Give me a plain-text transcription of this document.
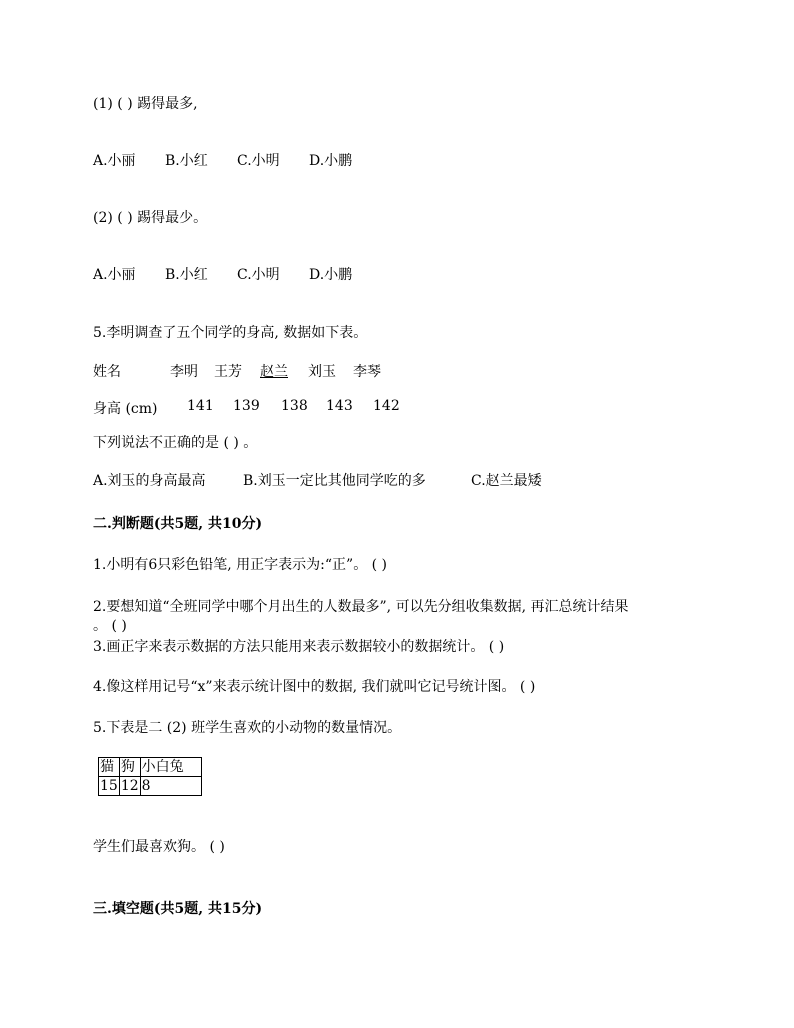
(1) ( ) 踢得最多,
A.小丽 B.小红 C.小明 D.小鹏
(2) ( ) 踢得最少。
A.小丽 B.小红 C.小明 D.小鹏
5.李明调查了五个同学的身高, 数据如下表。
姓名	李明 王芳 赵兰 刘玉 李琴
身高 (cm) 141 139 138 143 142
下列说法不正确的是 ( ) 。
A.刘玉的身高最高	B.刘玉一定比其他同学吃的多	C.赵兰最矮
二.判断题(共5题, 共10分)
1.小明有6只彩色铅笔, 用正字表示为:“正”。 ( )
2.要想知道“全班同学中哪个月出生的人数最多”, 可以先分组收集数据, 再汇总统计结果
。 ( )
3.画正字来表示数据的方法只能用来表示数据较小的数据统计。 ( )
4.像这样用记号“x”来表示统计图中的数据, 我们就叫它记号统计图。 ( )
5.下表是二 (2) 班学生喜欢的小动物的数量情况。
猫	狗	小白兔
15	12	8
学生们最喜欢狗。 ( )
三.填空题(共5题, 共15分)
